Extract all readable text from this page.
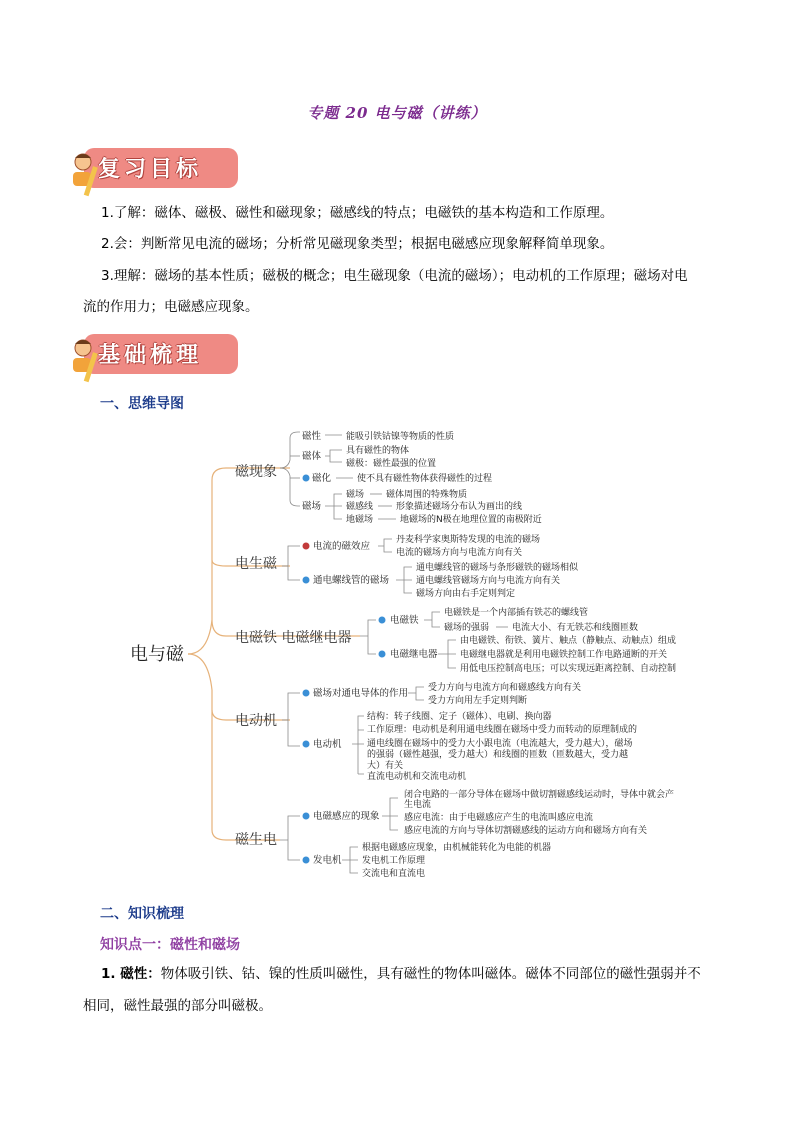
专题 20 电与磁（讲练）
复习目标
1.了解：磁体、磁极、磁性和磁现象；磁感线的特点；电磁铁的基本构造和工作原理。
2.会：判断常见电流的磁场；分析常见磁现象类型；根据电磁感应现象解释简单现象。
3.理解：磁场的基本性质；磁极的概念；电生磁现象（电流的磁场）；电动机的工作原理；磁场对电
流的作用力；电磁感应现象。
基础梳理
一、思维导图
电与磁
磁现象
电生磁
电磁铁 电磁继电器
电动机
磁生电
磁性	能吸引铁钴镍等物质的性质
磁体	具有磁性的物体
磁极：磁性最强的位置
磁化	使不具有磁性物体获得磁性的过程
磁场
磁场 磁体周围的特殊物质
磁感线	形象描述磁场分布认为画出的线
地磁场	地磁场的N极在地理位置的南极附近
电流的磁效应
丹麦科学家奥斯特发现的电流的磁场
电流的磁场方向与电流方向有关
通电螺线管的磁场
通电螺线管的磁场与条形磁铁的磁场相似
通电螺线管磁场方向与电流方向有关
磁场方向由右手定则判定
电磁铁
电磁铁是一个内部插有铁芯的螺线管
磁场的强弱	电流大小、有无铁芯和线圈匝数
电磁继电器
由电磁铁、衔铁、簧片、触点（静触点、动触点）组成
电磁继电器就是利用电磁铁控制工作电路通断的开关
用低电压控制高电压；可以实现远距离控制、自动控制
磁场对通电导体的作用 受力方向与电流方向和磁感线方向有关
受力方向用左手定则判断
电动机
结构：转子线圈、定子（磁体）、电刷、换向器
工作原理：电动机是利用通电线圈在磁场中受力而转动的原理制成的
通电线圈在磁场中的受力大小跟电流（电流越大，受力越大），磁场
的强弱（磁性越强，受力越大）和线圈的匝数（匝数越大，受力越
大）有关
直流电动机和交流电动机
电磁感应的现象
闭合电路的一部分导体在磁场中做切割磁感线运动时，导体中就会产
生电流
感应电流：由于电磁感应产生的电流叫感应电流
感应电流的方向与导体切割磁感线的运动方向和磁场方向有关
发电机
根据电磁感应现象，由机械能转化为电能的机器
发电机工作原理
交流电和直流电
二、知识梳理
知识点一：磁性和磁场
1. 磁性：物体吸引铁、钴、镍的性质叫磁性，具有磁性的物体叫磁体。磁体不同部位的磁性强弱并不
相同，磁性最强的部分叫磁极。
